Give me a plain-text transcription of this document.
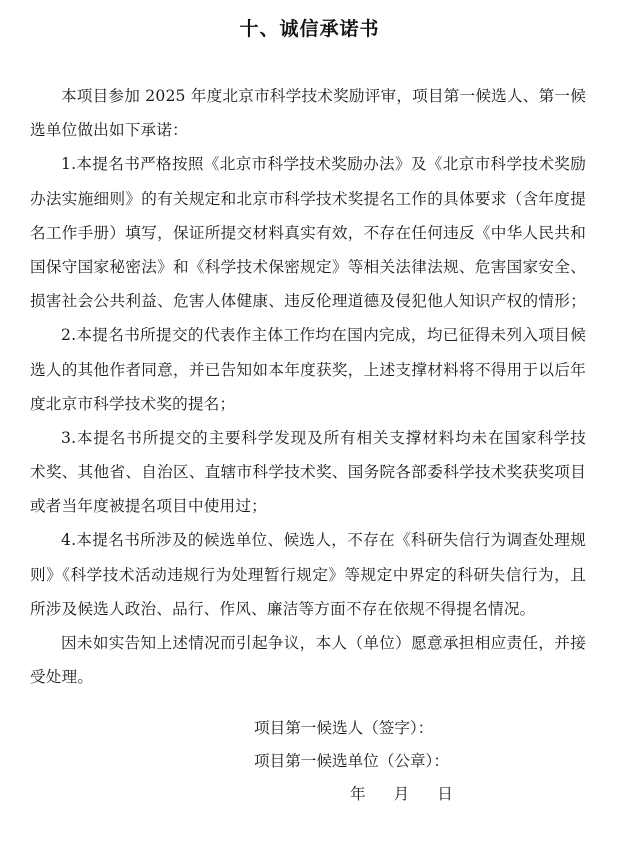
十、诚信承诺书
本项目参加 2025 年度北京市科学技术奖励评审，项目第一候选人、第一候
选单位做出如下承诺：
1.本提名书严格按照《北京市科学技术奖励办法》及《北京市科学技术奖励
办法实施细则》的有关规定和北京市科学技术奖提名工作的具体要求（含年度提
名工作手册）填写，保证所提交材料真实有效，不存在任何违反《中华人民共和
国保守国家秘密法》和《科学技术保密规定》等相关法律法规、危害国家安全、
损害社会公共利益、危害人体健康、违反伦理道德及侵犯他人知识产权的情形；
2.本提名书所提交的代表作主体工作均在国内完成，均已征得未列入项目候
选人的其他作者同意，并已告知如本年度获奖，上述支撑材料将不得用于以后年
度北京市科学技术奖的提名；
3.本提名书所提交的主要科学发现及所有相关支撑材料均未在国家科学技
术奖、其他省、自治区、直辖市科学技术奖、国务院各部委科学技术奖获奖项目
或者当年度被提名项目中使用过；
4.本提名书所涉及的候选单位、候选人，不存在《科研失信行为调查处理规
则》《科学技术活动违规行为处理暂行规定》等规定中界定的科研失信行为，且
所涉及候选人政治、品行、作风、廉洁等方面不存在依规不得提名情况。
因未如实告知上述情况而引起争议，本人（单位）愿意承担相应责任，并接
受处理。
项目第一候选人（签字）：
项目第一候选单位（公章）：
年 月 日
